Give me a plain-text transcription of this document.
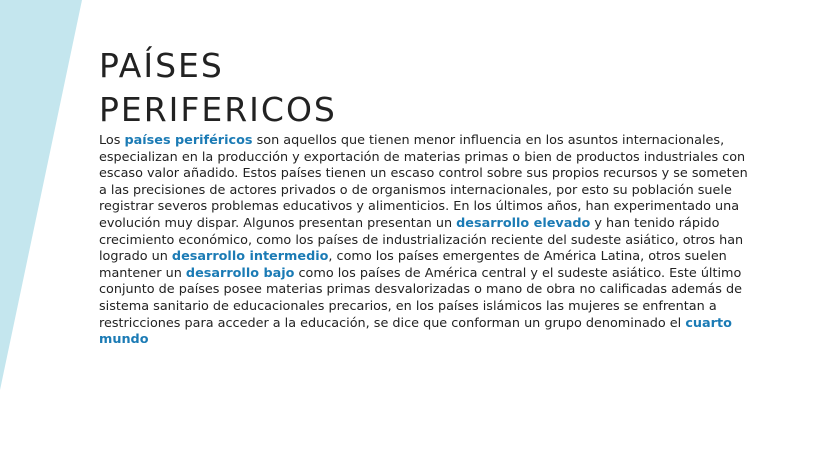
PAÍSES
PERIFERICOS

Los países periféricos son aquellos que tienen menor influencia en los asuntos internacionales, especializan en la producción y exportación de materias primas o bien de productos industriales con escaso valor añadido. Estos países tienen un escaso control sobre sus propios recursos y se someten a las precisiones de actores privados o de organismos internacionales, por esto su población suele registrar severos problemas educativos y alimenticios. En los últimos años, han experimentado una evolución muy dispar. Algunos presentan presentan un desarrollo elevado y han tenido rápido crecimiento económico, como los países de industrialización reciente del sudeste asiático, otros han logrado un desarrollo intermedio, como los países emergentes de América Latina, otros suelen mantener un desarrollo bajo como los países de América central y el sudeste asiático. Este último conjunto de países posee materias primas desvalorizadas o mano de obra no calificadas además de sistema sanitario de educacionales precarios, en los países islámicos las mujeres se enfrentan a restricciones para acceder a la educación, se dice que conforman un grupo denominado el cuarto mundo
